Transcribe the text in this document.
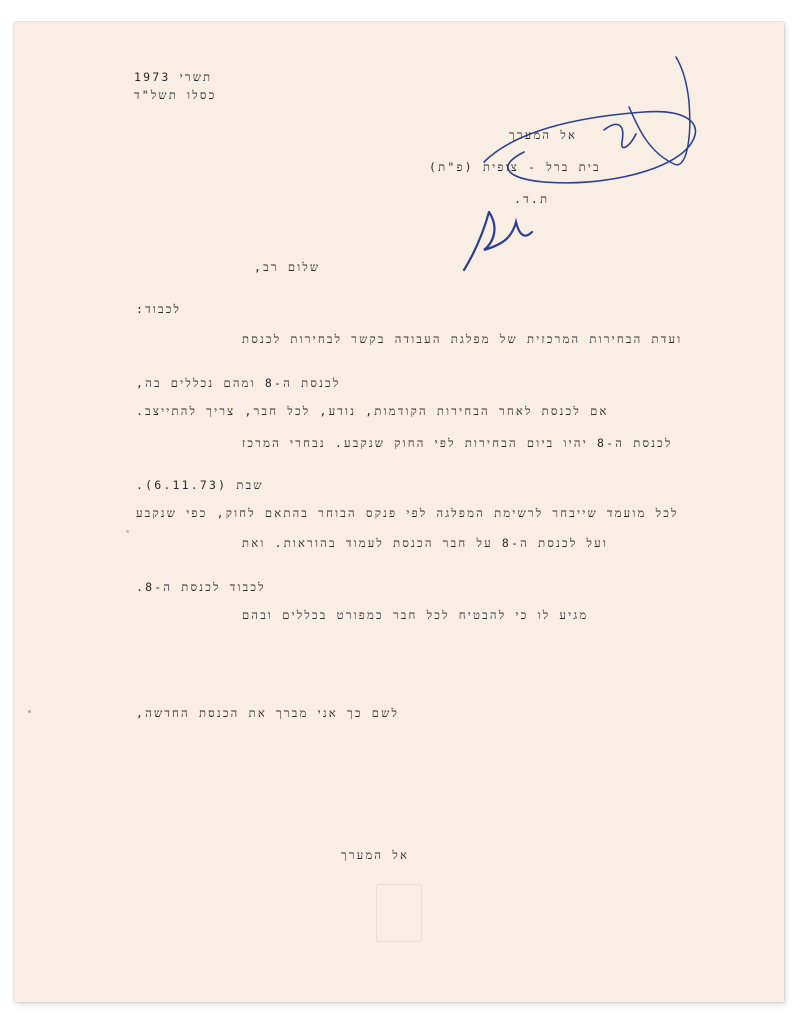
תשרי 1973
כסלו תשל"ד
אל המערך
בית ברל - צופית (פ"ת)
ת.ד.
שלום רב,
לכבוד:
ועדת הבחירות המרכזית של מפלגת העבודה בקשר לבחירות לכנסת
לכנסת ה-8 ומהם נכללים בה,
אם לכנסת לאחר הבחירות הקודמות, נודע, לכל חבר, צריך להתייצב.
לכנסת ה-8 יהיו ביום הבחירות לפי החוק שנקבע. נבחרי המרכז
שבת (6.11.73).
לכל מועמד שייבחר לרשימת המפלגה לפי פנקס הבוחר בהתאם לחוק, כפי שנקבע
ועל לכנסת ה-8 על חבר הכנסת לעמוד בהוראות. ואת
לכבוד לכנסת ה-8.
מגיע לו כי להבטיח לכל חבר כמפורט בכללים ובהם
לשם כך אני מברך את הכנסת החדשה,
אל המערך
